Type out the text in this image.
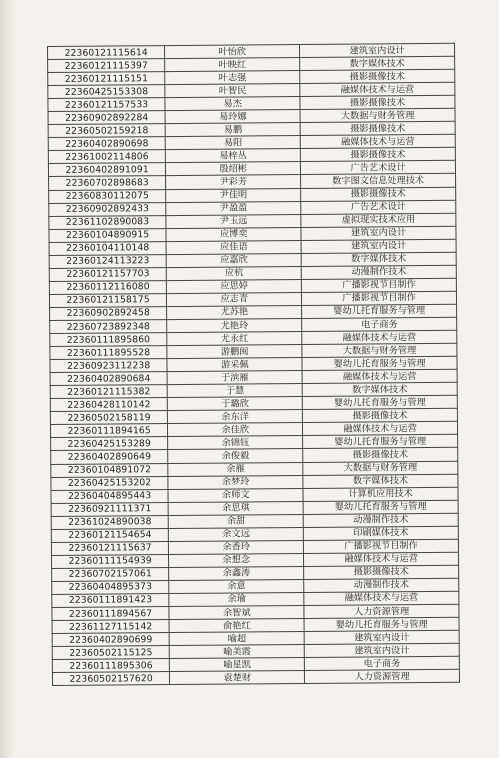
22360121115614	叶怡欣	建筑室内设计
22360121115397	叶映红	数字媒体技术
22360121115151	叶志强	摄影摄像技术
22360425153308	叶智民	融媒体技术与运营
22360121157533	易杰	摄影摄像技术
22360902892284	易玲娜	大数据与财务管理
22360502159218	易鹏	摄影摄像技术
22360402890698	易阳	融媒体技术与运营
22361002114806	易梓丛	摄影摄像技术
22360402891091	殷绍彬	广告艺术设计
22360702898683	尹彩芳	数字图文信息处理技术
22360830112075	尹佳明	摄影摄像技术
22360902892433	尹盈盈	广告艺术设计
22361102890083	尹玉远	虚拟现实技术应用
22360104890915	应博奕	建筑室内设计
22360104110148	应佳语	建筑室内设计
22360124113223	应嘉欣	数字媒体技术
22360121157703	应杭	动漫制作技术
22360112116080	应思婷	广播影视节目制作
22360121158175	应志青	广播影视节目制作
22360902892458	尤苏艳	婴幼儿托育服务与管理
22360723892348	尤艳玲	电子商务
22360111895860	尤永红	融媒体技术与运营
22360111895528	游鹏闽	大数据与财务管理
22360923112238	游采佩	婴幼儿托育服务与管理
22360402890684	于滨雁	融媒体技术与运营
22360121115382	于慧	数字媒体技术
22360428110142	于璐欣	婴幼儿托育服务与管理
22360502158119	余东洋	摄影摄像技术
22360111894165	余佳欣	融媒体技术与运营
22360425153289	余锦钰	婴幼儿托育服务与管理
22360402890649	余俊毅	摄影摄像技术
22360104891072	余雁	大数据与财务管理
22360425153202	余梦玲	数字媒体技术
22360404895443	余师文	计算机应用技术
22360921111371	余思琪	婴幼儿托育服务与管理
22361024890038	余甜	动漫制作技术
22360121154654	余文远	印刷媒体技术
22360121115637	余香玲	广播影视节目制作
22360111154939	余想念	融媒体技术与运营
22360702157061	余鑫涛	摄影摄像技术
22360404895373	余意	动漫制作技术
22360111891423	余瑜	融媒体技术与运营
22360111894567	余智斌	人力资源管理
22361127115142	俞艳红	婴幼儿托育服务与管理
22360402890699	喻超	建筑室内设计
22360502115125	喻美霞	建筑室内设计
22360111895306	喻星凯	电子商务
22360502157620	袁楚财	人力资源管理
